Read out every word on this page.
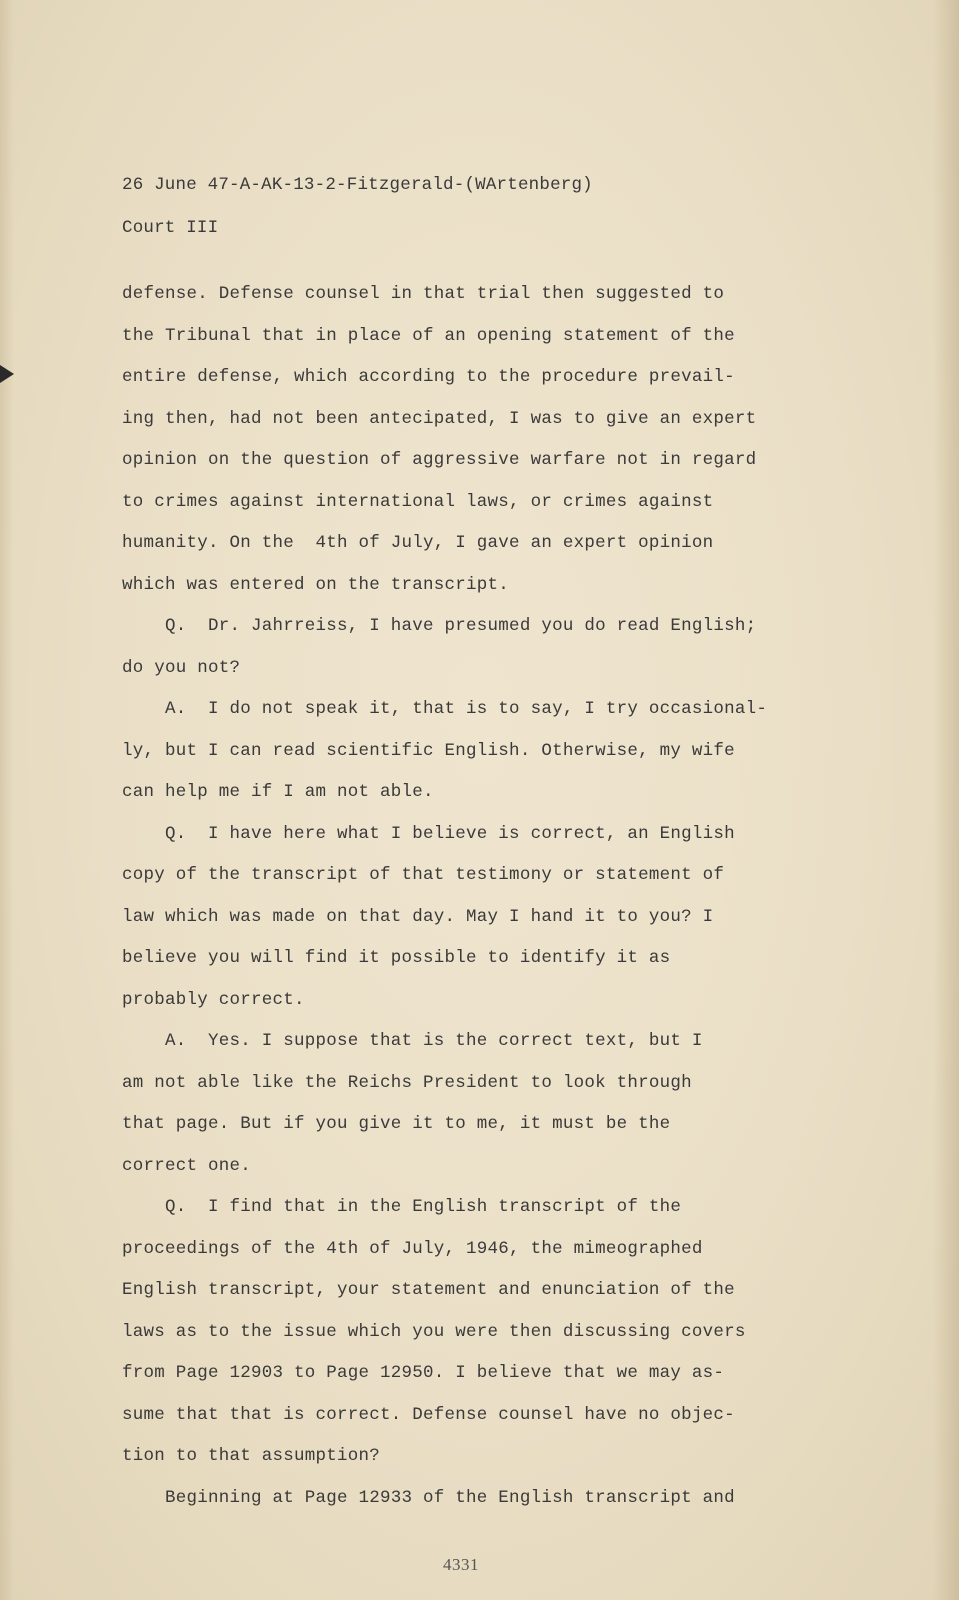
26 June 47-A-AK-13-2-Fitzgerald-(WArtenberg)
Court III
defense. Defense counsel in that trial then suggested to
the Tribunal that in place of an opening statement of the
entire defense, which according to the procedure prevail-
ing then, had not been antecipated, I was to give an expert
opinion on the question of aggressive warfare not in regard
to crimes against international laws, or crimes against
humanity. On the  4th of July, I gave an expert opinion
which was entered on the transcript.
Q.  Dr. Jahrreiss, I have presumed you do read English;
do you not?
A.  I do not speak it, that is to say, I try occasional-
ly, but I can read scientific English. Otherwise, my wife
can help me if I am not able.
Q.  I have here what I believe is correct, an English
copy of the transcript of that testimony or statement of
law which was made on that day. May I hand it to you? I
believe you will find it possible to identify it as
probably correct.
A.  Yes. I suppose that is the correct text, but I
am not able like the Reichs President to look through
that page. But if you give it to me, it must be the
correct one.
Q.  I find that in the English transcript of the
proceedings of the 4th of July, 1946, the mimeographed
English transcript, your statement and enunciation of the
laws as to the issue which you were then discussing covers
from Page 12903 to Page 12950. I believe that we may as-
sume that that is correct. Defense counsel have no objec-
tion to that assumption?
Beginning at Page 12933 of the English transcript and
4331
